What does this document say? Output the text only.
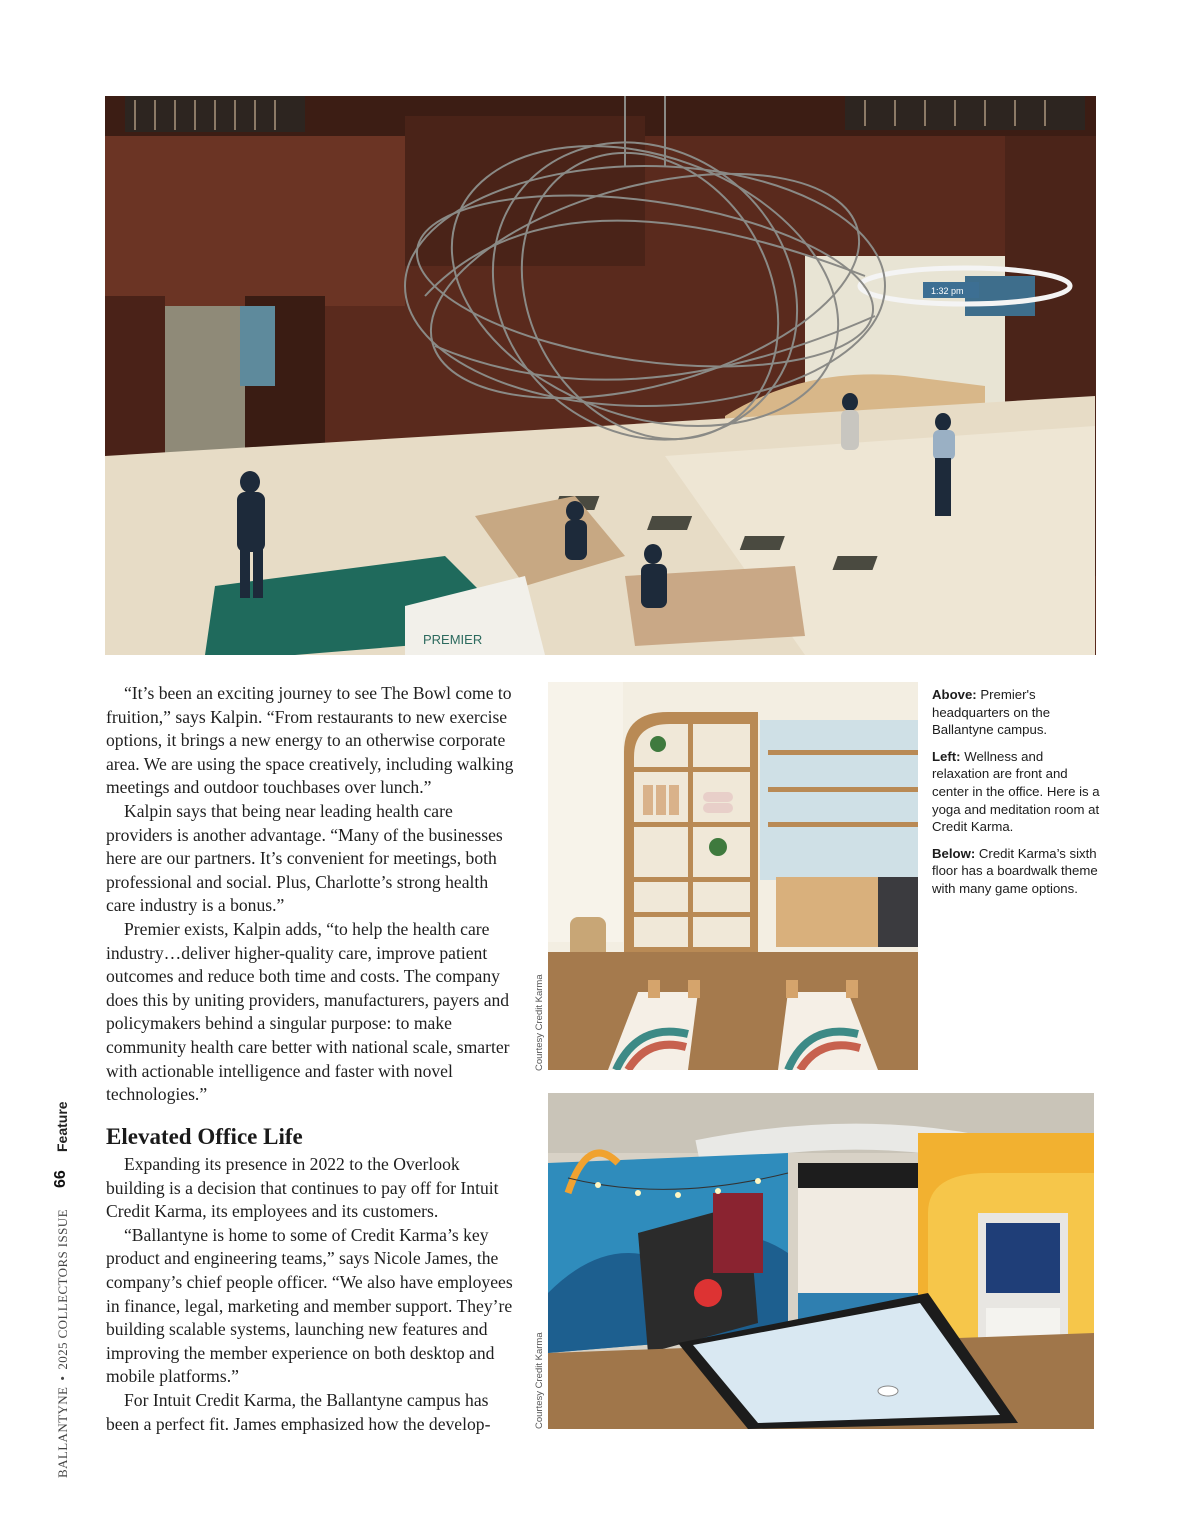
PREMIER
1:32 pm

“It’s been an exciting journey to see The Bowl come to fruition,” says Kalpin. “From restaurants to new exercise options, it brings a new energy to an otherwise corporate area. We are using the space creatively, including walking meetings and outdoor touchbases over lunch.”

Kalpin says that being near leading health care providers is another advantage. “Many of the businesses here are our partners. It’s convenient for meetings, both professional and social. Plus, Charlotte’s strong health care industry is a bonus.”

Premier exists, Kalpin adds, “to help the health care industry…deliver higher-quality care, improve patient outcomes and reduce both time and costs. The company does this by uniting providers, manufacturers, payers and policymakers behind a singular purpose: to make community health care better with national scale, smarter with actionable intelligence and faster with novel technologies.”

Elevated Office Life

Expanding its presence in 2022 to the Overlook building is a decision that continues to pay off for Intuit Credit Karma, its employees and its customers.

“Ballantyne is home to some of Credit Karma’s key product and engineering teams,” says Nicole James, the company’s chief people officer. “We also have employees in finance, legal, marketing and member support. They’re building scalable systems, launching new features and improving the member experience on both desktop and mobile platforms.”

For Intuit Credit Karma, the Ballantyne campus has been a perfect fit. James emphasized how the develop-

Courtesy Credit Karma
Courtesy Credit Karma

Above: Premier's headquarters on the Ballantyne campus.

Left: Wellness and relaxation are front and center in the office. Here is a yoga and meditation room at Credit Karma.

Below: Credit Karma’s sixth floor has a boardwalk theme with many game options.

Feature
66
BALLANTYNE•2025 COLLECTORS ISSUE
